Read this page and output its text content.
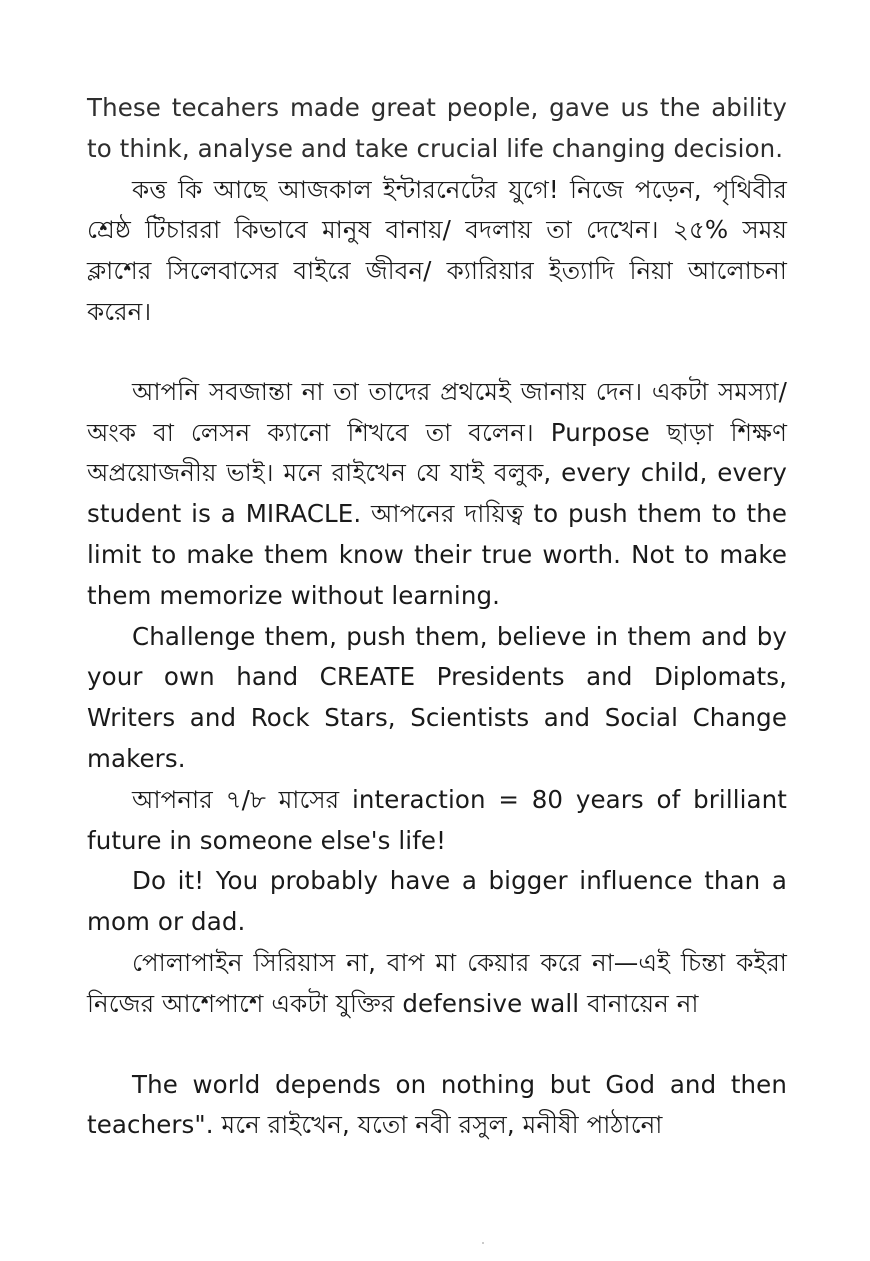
These tecahers made great people, gave us the ability to think, analyse and take crucial life changing decision.

কত্ত কি আছে আজকাল ইন্টারনেটের যুগে! নিজে পড়েন, পৃথিবীর শ্রেষ্ঠ টিচাররা কিভাবে মানুষ বানায়/ বদলায় তা দেখেন। ২৫% সময় ক্লাশের সিলেবাসের বাইরে জীবন/ ক্যারিয়ার ইত্যাদি নিয়া আলোচনা করেন।

আপনি সবজান্তা না তা তাদের প্রথমেই জানায় দেন। একটা সমস্যা/ অংক বা লেসন ক্যানো শিখবে তা বলেন। Purpose ছাড়া শিক্ষণ অপ্রয়োজনীয় ভাই। মনে রাইখেন যে যাই বলুক, every child, every student is a MIRACLE. আপনের দায়িত্ব to push them to the limit to make them know their true worth. Not to make them memorize without learning.

Challenge them, push them, believe in them and by your own hand CREATE Presidents and Diplomats, Writers and Rock Stars, Scientists and Social Change makers.

আপনার ৭/৮ মাসের interaction = 80 years of brilliant future in someone else's life!

Do it! You probably have a bigger influence than a mom or dad.

পোলাপাইন সিরিয়াস না, বাপ মা কেয়ার করে না—এই চিন্তা কইরা নিজের আশেপাশে একটা যুক্তির defensive wall বানায়েন না

The world depends on nothing but God and then teachers". মনে রাইখেন, যতো নবী রসুল, মনীষী পাঠানো
